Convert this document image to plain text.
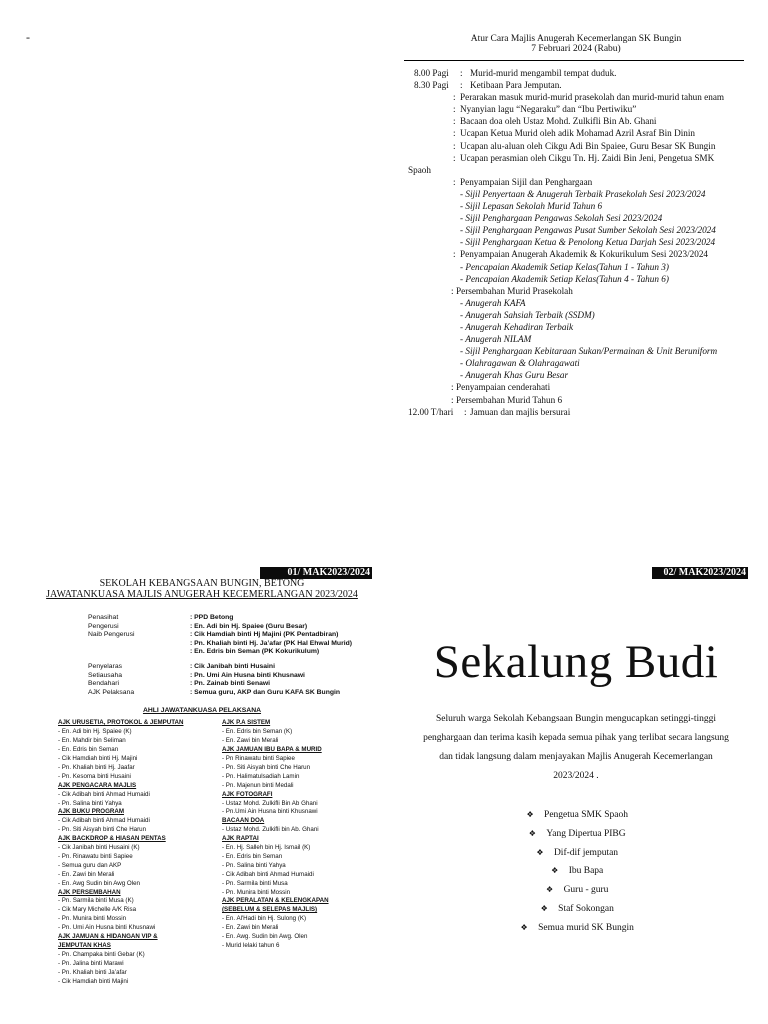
-	Atur Cara Majlis Anugerah Kecemerlangan SK Bungin
7 Februari 2024 (Rabu)
8.00 Pagi : Murid-murid mengambil tempat duduk.
8.30 Pagi : Ketibaan Para Jemputan.
: Perarakan masuk murid-murid prasekolah dan murid-murid tahun enam
: Nyanyian lagu “Negaraku” dan “Ibu Pertiwiku”
: Bacaan doa oleh Ustaz Mohd. Zulkifli Bin Ab. Ghani
: Ucapan Ketua Murid oleh adik Mohamad Azril Asraf Bin Dinin
: Ucapan alu-aluan oleh Cikgu Adi Bin Spaiee, Guru Besar SK Bungin
: Ucapan perasmian oleh Cikgu Tn. Hj. Zaidi Bin Jeni, Pengetua SMK
Spaoh
: Penyampaian Sijil dan Penghargaan
- Sijil Penyertaan & Anugerah Terbaik Prasekolah Sesi 2023/2024
- Sijil Lepasan Sekolah Murid Tahun 6
- Sijil Penghargaan Pengawas Sekolah Sesi 2023/2024
- Sijil Penghargaan Pengawas Pusat Sumber Sekolah Sesi 2023/2024
- Sijil Penghargaan Ketua & Penolong Ketua Darjah Sesi 2023/2024
: Penyampaian Anugerah Akademik & Kokurikulum Sesi 2023/2024
- Pencapaian Akademik Setiap Kelas(Tahun 1 - Tahun 3)
- Pencapaian Akademik Setiap Kelas(Tahun 4 - Tahun 6)
: Persembahan Murid Prasekolah
- Anugerah KAFA
- Anugerah Sahsiah Terbaik (SSDM)
- Anugerah Kehadiran Terbaik
- Anugerah NILAM
- Sijil Penghargaan Kebitaraan Sukan/Permainan & Unit Beruniform
- Olahragawan & Olahragawati
- Anugerah Khas Guru Besar
: Penyampaian cenderahati
: Persembahan Murid Tahun 6
12.00 T/hari : Jamuan dan majlis bersurai
01/ MAK2023/2024	02/ MAK2023/2024
SEKOLAH KEBANGSAAN BUNGIN, BETONG
JAWATANKUASA MAJLIS ANUGERAH KECEMERLANGAN 2023/2024
Penasihat	: PPD Betong
Pengerusi	: En. Adi bin Hj. Spaiee (Guru Besar)
Naib Pengerusi	: Cik Hamdiah binti Hj Majini (PK Pentadbiran)
: Pn. Khaliah binti Hj. Ja’afar (PK Hal Ehwal Murid)
: En. Edris bin Seman (PK Kokurikulum)
Penyelaras	: Cik Janibah binti Husaini
Setiausaha	: Pn. Umi Ain Husna binti Khusnawi
Bendahari	: Pn. Zainab binti Senawi
AJK Pelaksana	: Semua guru, AKP dan Guru KAFA SK Bungin
AHLI JAWATANKUASA PELAKSANA
AJK URUSETIA, PROTOKOL & JEMPUTAN
- En. Adi bin Hj. Spaiee (K)
- En. Mahdir bin Seliman
- En. Edris bin Seman
- Cik Hamdiah binti Hj. Majini
- Pn. Khaliah binti Hj. Jaafar
- Pn. Kesoma binti Husaini
AJK PENGACARA MAJLIS
- Cik Adibah binti Ahmad Humaidi
- Pn. Salina binti Yahya
AJK BUKU PROGRAM
- Cik Adibah binti Ahmad Humaidi
- Pn. Siti Aisyah binti Che Harun
AJK BACKDROP & HIASAN PENTAS
- Cik Janibah binti Husaini (K)
- Pn. Rinawatu binti Sapiee
- Semua guru dan AKP
- En. Zawi bin Merali
- En. Awg Sudin bin Awg Olen
AJK PERSEMBAHAN
- Pn. Sarmila binti Musa (K)
- Cik Mary Michelle A/K Risa
- Pn. Munira binti Mossin
- Pn. Umi Ain Husna binti Khusnawi
AJK JAMUAN & HIDANGAN VIP &
JEMPUTAN KHAS
- Pn. Champaka binti Gebar (K)
- Pn. Jalina binti Marawi
- Pn. Khaliah binti Ja’afar
- Cik Hamdiah binti Majini
AJK P.A SISTEM
- En. Edris bin Seman (K)
- En. Zawi bin Merali
AJK JAMUAN IBU BAPA & MURID
- Pn Rinawatu binti Sapiee
- Pn. Siti Aisyah binti Che Harun
- Pn. Halimatulsadiah Lamin
- Pn. Majenun binti Medali
AJK FOTOGRAFI
- Ustaz Mohd. Zulkifli Bin Ab Ghani
- Pn.Umi Ain Husna binti Khusnawi
BACAAN DOA
- Ustaz Mohd. Zulkifli bin Ab. Ghani
AJK RAPTAI
- En. Hj. Salleh bin Hj. Ismail (K)
- En. Edris bin Seman
- Pn. Salina binti Yahya
- Cik Adibah binti Ahmad Humaidi
- Pn. Sarmila binti Musa
- Pn. Munira binti Mossin
AJK PERALATAN & KELENGKAPAN
(SEBELUM & SELEPAS MAJLIS)
- En. Al'Hadi bin Hj. Sulong (K)
- En. Zawi bin Merali
- En. Awg. Sudin bin Awg. Olen
- Murid lelaki tahun 6
Sekalung Budi

Seluruh warga Sekolah Kebangsaan Bungin mengucapkan setinggi-tinggi penghargaan dan terima kasih kepada semua pihak yang terlibat secara langsung dan tidak langsung dalam menjayakan Majlis Anugerah Kecemerlangan 2023/2024 .

❖ Pengetua SMK Spaoh
❖ Yang Dipertua PIBG
❖ Dif-dif jemputan
❖ Ibu Bapa
❖ Guru - guru
❖ Staf Sokongan
❖ Semua murid SK Bungin
